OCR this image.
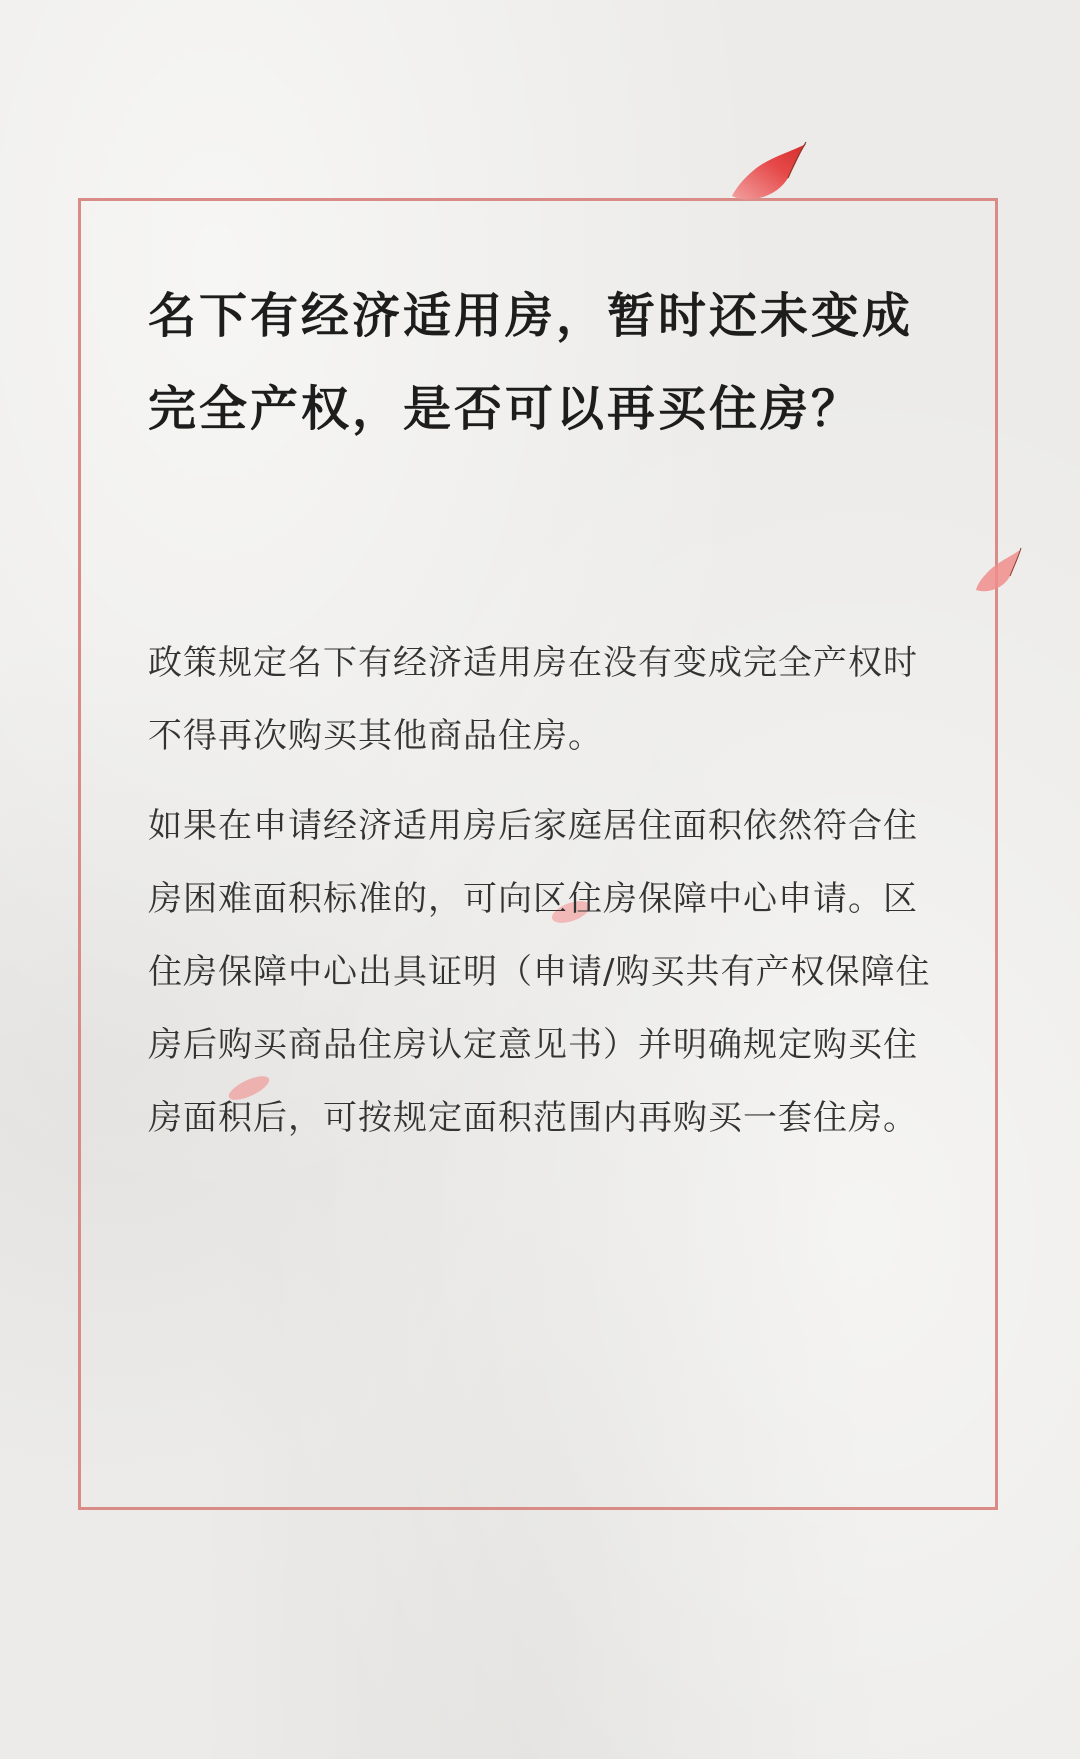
名下有经济适用房，暂时还未变成完全产权，是否可以再买住房？

政策规定名下有经济适用房在没有变成完全产权时不得再次购买其他商品住房。

如果在申请经济适用房后家庭居住面积依然符合住房困难面积标准的，可向区住房保障中心申请。区住房保障中心出具证明（申请/购买共有产权保障住房后购买商品住房认定意见书）并明确规定购买住房面积后，可按规定面积范围内再购买一套住房。
